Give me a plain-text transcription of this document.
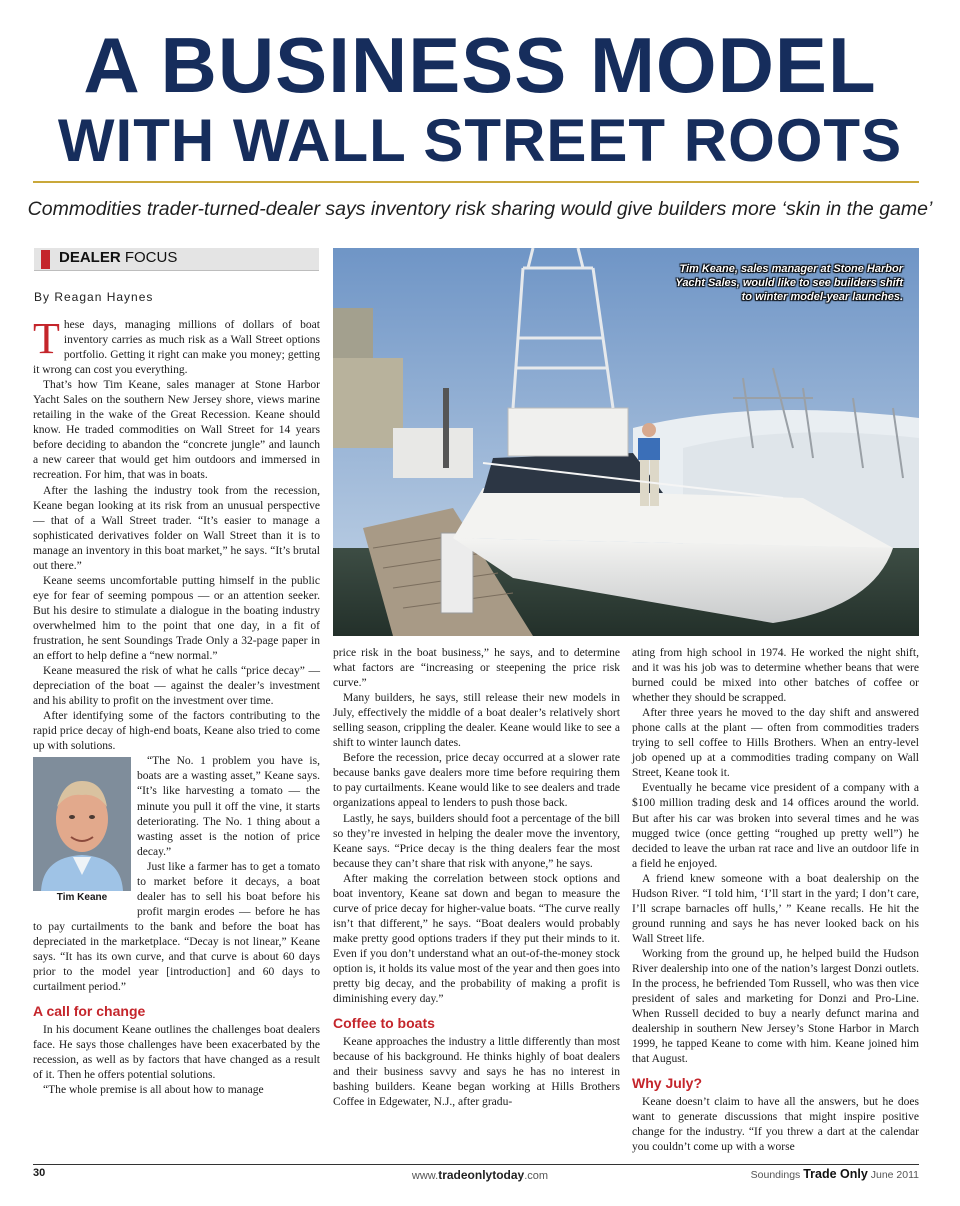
A BUSINESS MODEL
WITH WALL STREET ROOTS
Commodities trader-turned-dealer says inventory risk sharing would give builders more ‘skin in the game’
DEALER FOCUS
By Reagan Haynes
Tim Keane, sales manager at Stone Harbor Yacht Sales, would like to see builders shift to winter model-year launches.

These days, managing millions of dollars of boat inventory carries as much risk as a Wall Street options portfolio. Getting it right can make you money; getting it wrong can cost you everything.

That’s how Tim Keane, sales manager at Stone Harbor Yacht Sales on the southern New Jersey shore, views marine retailing in the wake of the Great Recession. Keane should know. He traded commodities on Wall Street for 14 years before deciding to abandon the “concrete jungle” and launch a new career that would get him outdoors and immersed in recreation. For him, that was in boats.

After the lashing the industry took from the recession, Keane began looking at its risk from an unusual perspective — that of a Wall Street trader. “It’s easier to manage a sophisticated derivatives folder on Wall Street than it is to manage an inventory in this boat market,” he says. “It’s brutal out there.”

Keane seems uncomfortable putting himself in the public eye for fear of seeming pompous — or an attention seeker. But his desire to stimulate a dialogue in the boating industry overwhelmed him to the point that one day, in a fit of frustration, he sent Soundings Trade Only a 32-page paper in an effort to help define a “new normal.”

Keane measured the risk of what he calls “price decay” — depreciation of the boat — against the dealer’s investment and his ability to profit on the investment over time.

After identifying some of the factors contributing to the rapid price decay of high-end boats, Keane also tried to come up with solutions.

Tim Keane

“The No. 1 problem you have is, boats are a wasting asset,” Keane says. “It’s like harvesting a tomato — the minute you pull it off the vine, it starts deteriorating. The No. 1 thing about a wasting asset is the notion of price decay.”

Just like a farmer has to get a tomato to market before it decays, a boat dealer has to sell his boat before his profit margin erodes — before he has to pay curtailments to the bank and before the boat has depreciated in the marketplace. “Decay is not linear,” Keane says. “It has its own curve, and that curve is about 60 days prior to the model year [introduction] and 60 days to curtailment period.”

A call for change

In his document Keane outlines the challenges boat dealers face. He says those challenges have been exacerbated by the recession, as well as by factors that have changed as a result of it. Then he offers potential solutions.

“The whole premise is all about how to manage

price risk in the boat business,” he says, and to determine what factors are “increasing or steepening the price risk curve.”

Many builders, he says, still release their new models in July, effectively the middle of a boat dealer’s relatively short selling season, crippling the dealer. Keane would like to see a shift to winter launch dates.

Before the recession, price decay occurred at a slower rate because banks gave dealers more time before requiring them to pay curtailments. Keane would like to see dealers and trade organizations appeal to lenders to push those back.

Lastly, he says, builders should foot a percentage of the bill so they’re invested in helping the dealer move the inventory, Keane says. “Price decay is the thing dealers fear the most because they can’t share that risk with anyone,” he says.

After making the correlation between stock options and boat inventory, Keane sat down and began to measure the curve of price decay for higher-value boats. “The curve really isn’t that different,” he says. “Boat dealers would probably make pretty good options traders if they put their minds to it. Even if you don’t understand what an out-of-the-money stock option is, it holds its value most of the year and then goes into pretty big decay, and the probability of making a profit is diminishing every day.”

Coffee to boats

Keane approaches the industry a little differently than most because of his background. He thinks highly of boat dealers and their business savvy and says he has no interest in bashing builders. Keane began working at Hills Brothers Coffee in Edgewater, N.J., after gradu-

ating from high school in 1974. He worked the night shift, and it was his job was to determine whether beans that were burned could be mixed into other batches of coffee or whether they should be scrapped.

After three years he moved to the day shift and answered phone calls at the plant — often from commodities traders trying to sell coffee to Hills Brothers. When an entry-level job opened up at a commodities trading company on Wall Street, Keane took it.

Eventually he became vice president of a company with a $100 million trading desk and 14 offices around the world. But after his car was broken into several times and he was mugged twice (once getting “roughed up pretty well”) he decided to leave the urban rat race and live an outdoor life in a field he enjoyed.

A friend knew someone with a boat dealership on the Hudson River. “I told him, ‘I’ll start in the yard; I don’t care, I’ll scrape barnacles off hulls,’ ” Keane recalls. He hit the ground running and says he has never looked back on his Wall Street life.

Working from the ground up, he helped build the Hudson River dealership into one of the nation’s largest Donzi outlets. In the process, he befriended Tom Russell, who was then vice president of sales and marketing for Donzi and Pro-Line. When Russell decided to buy a nearly defunct marina and dealership in southern New Jersey’s Stone Harbor in March 1999, he tapped Keane to come with him. Keane joined him that August.

Why July?

Keane doesn’t claim to have all the answers, but he does want to generate discussions that might inspire positive change for the industry. “If you threw a dart at the calendar you couldn’t come up with a worse

30	www.tradeonlytoday.com	Soundings Trade Only June 2011
